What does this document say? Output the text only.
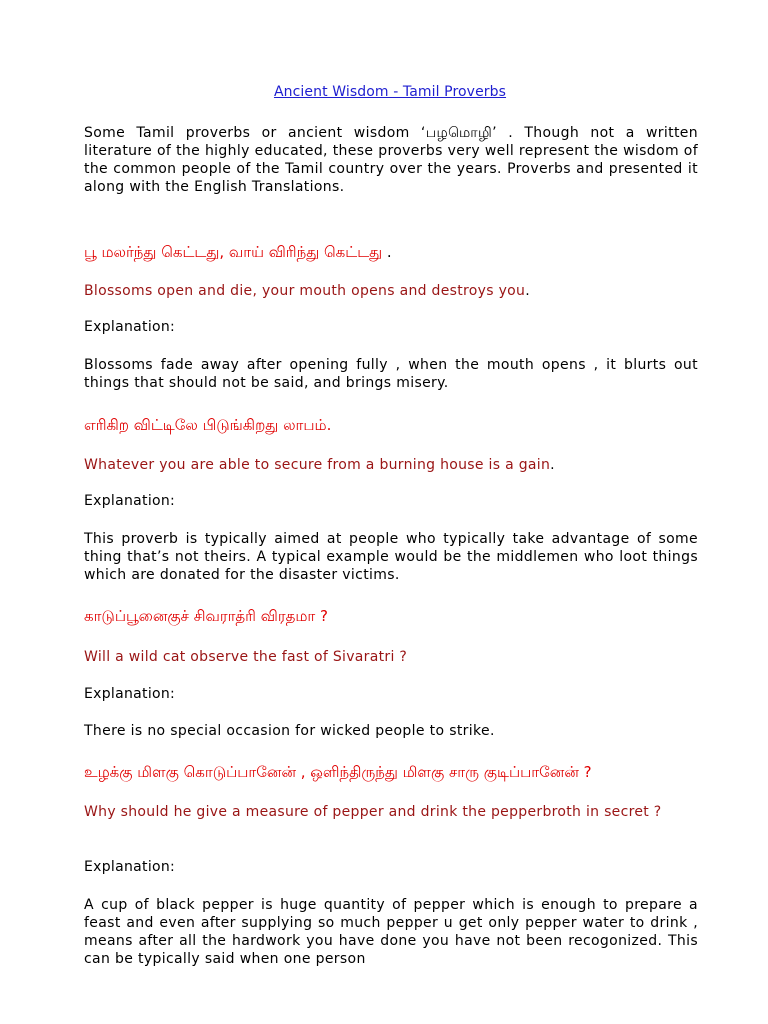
Ancient Wisdom - Tamil Proverbs
Some Tamil proverbs or ancient wisdom ‘பழமொழி’ . Though not a written literature of the highly educated, these proverbs very well represent the wisdom of the common people of the Tamil country over the years. Proverbs and presented it along with the English Translations.
பூ மலர்ந்து கெட்டது, வாய் விரிந்து கெட்டது .
Blossoms open and die, your mouth opens and destroys you.
Explanation:
Blossoms fade away after opening fully , when the mouth opens , it blurts out things that should not be said, and brings misery.
எரிகிற விட்டிலே பிடுங்கிறது லாபம்.
Whatever you are able to secure from a burning house is a gain.
Explanation:
This proverb is typically aimed at people who typically take advantage of some thing that’s not theirs. A typical example would be the middlemen who loot things which are donated for the disaster victims.
காடுப்பூனைகுச் சிவராத்ரி விரதமா ?
Will a wild cat observe the fast of Sivaratri ?
Explanation:
There is no special occasion for wicked people to strike.
உழக்கு மிளகு கொடுப்பானேன் , ஒளிந்திருந்து மிளகு சாரு குடிப்பானேன் ?
Why should he give a measure of pepper and drink the pepperbroth in secret ?
Explanation:
A cup of black pepper is huge quantity of pepper which is enough to prepare a feast and even after supplying so much pepper u get only pepper water to drink , means after all the hardwork you have done you have not been recogonized. This can be typically said when one person
